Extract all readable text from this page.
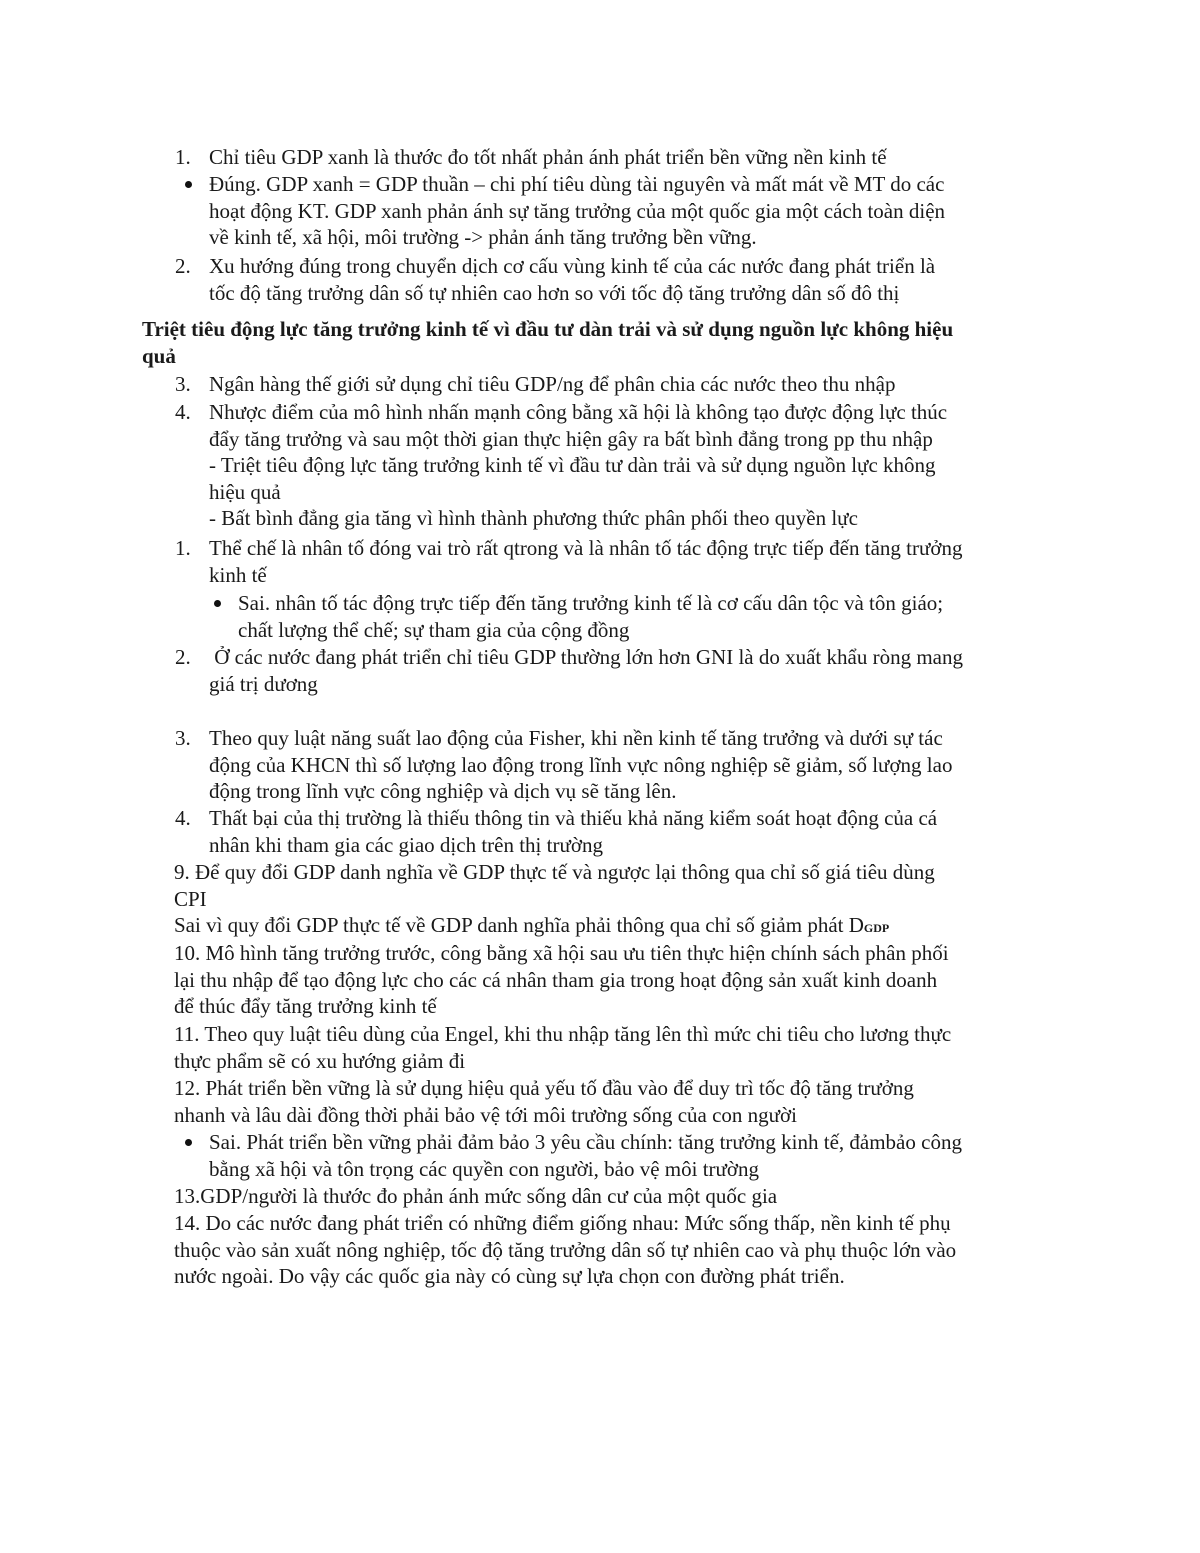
1. Chỉ tiêu GDP xanh là thước đo tốt nhất phản ánh phát triển bền vững nền kinh tế
Đúng. GDP xanh = GDP thuần – chi phí tiêu dùng tài nguyên và mất mát về MT do các
hoạt động KT. GDP xanh phản ánh sự tăng trưởng của một quốc gia một cách toàn diện
về kinh tế, xã hội, môi trường -> phản ánh tăng trưởng bền vững.
2. Xu hướng đúng trong chuyển dịch cơ cấu vùng kinh tế của các nước đang phát triển là
tốc độ tăng trưởng dân số tự nhiên cao hơn so với tốc độ tăng trưởng dân số đô thị
Triệt tiêu động lực tăng trưởng kinh tế vì đầu tư dàn trải và sử dụng nguồn lực không hiệu
quả
3. Ngân hàng thế giới sử dụng chỉ tiêu GDP/ng để phân chia các nước theo thu nhập
4. Nhược điểm của mô hình nhấn mạnh công bằng xã hội là không tạo được động lực thúc
đẩy tăng trưởng và sau một thời gian thực hiện gây ra bất bình đẳng trong pp thu nhập
- Triệt tiêu động lực tăng trưởng kinh tế vì đầu tư dàn trải và sử dụng nguồn lực không
hiệu quả
- Bất bình đẳng gia tăng vì hình thành phương thức phân phối theo quyền lực
1. Thể chế là nhân tố đóng vai trò rất qtrong và là nhân tố tác động trực tiếp đến tăng trưởng
kinh tế
Sai. nhân tố tác động trực tiếp đến tăng trưởng kinh tế là cơ cấu dân tộc và tôn giáo;
chất lượng thể chế; sự tham gia của cộng đồng
2. Ở các nước đang phát triển chỉ tiêu GDP thường lớn hơn GNI là do xuất khẩu ròng mang
giá trị dương
3. Theo quy luật năng suất lao động của Fisher, khi nền kinh tế tăng trưởng và dưới sự tác
động của KHCN thì số lượng lao động trong lĩnh vực nông nghiệp sẽ giảm, số lượng lao
động trong lĩnh vực công nghiệp và dịch vụ sẽ tăng lên.
4. Thất bại của thị trường là thiếu thông tin và thiếu khả năng kiểm soát hoạt động của cá
nhân khi tham gia các giao dịch trên thị trường
9. Để quy đổi GDP danh nghĩa về GDP thực tế và ngược lại thông qua chỉ số giá tiêu dùng
CPI
Sai vì quy đổi GDP thực tế về GDP danh nghĩa phải thông qua chỉ số giảm phát DGDP
10. Mô hình tăng trưởng trước, công bằng xã hội sau ưu tiên thực hiện chính sách phân phối
lại thu nhập để tạo động lực cho các cá nhân tham gia trong hoạt động sản xuất kinh doanh
để thúc đẩy tăng trưởng kinh tế
11. Theo quy luật tiêu dùng của Engel, khi thu nhập tăng lên thì mức chi tiêu cho lương thực
thực phẩm sẽ có xu hướng giảm đi
12. Phát triển bền vững là sử dụng hiệu quả yếu tố đầu vào để duy trì tốc độ tăng trưởng
nhanh và lâu dài đồng thời phải bảo vệ tới môi trường sống của con người
Sai. Phát triển bền vững phải đảm bảo 3 yêu cầu chính: tăng trưởng kinh tế, đảmbảo công
bằng xã hội và tôn trọng các quyền con người, bảo vệ môi trường
13.GDP/người là thước đo phản ánh mức sống dân cư của một quốc gia
14. Do các nước đang phát triển có những điểm giống nhau: Mức sống thấp, nền kinh tế phụ
thuộc vào sản xuất nông nghiệp, tốc độ tăng trưởng dân số tự nhiên cao và phụ thuộc lớn vào
nước ngoài. Do vậy các quốc gia này có cùng sự lựa chọn con đường phát triển.
